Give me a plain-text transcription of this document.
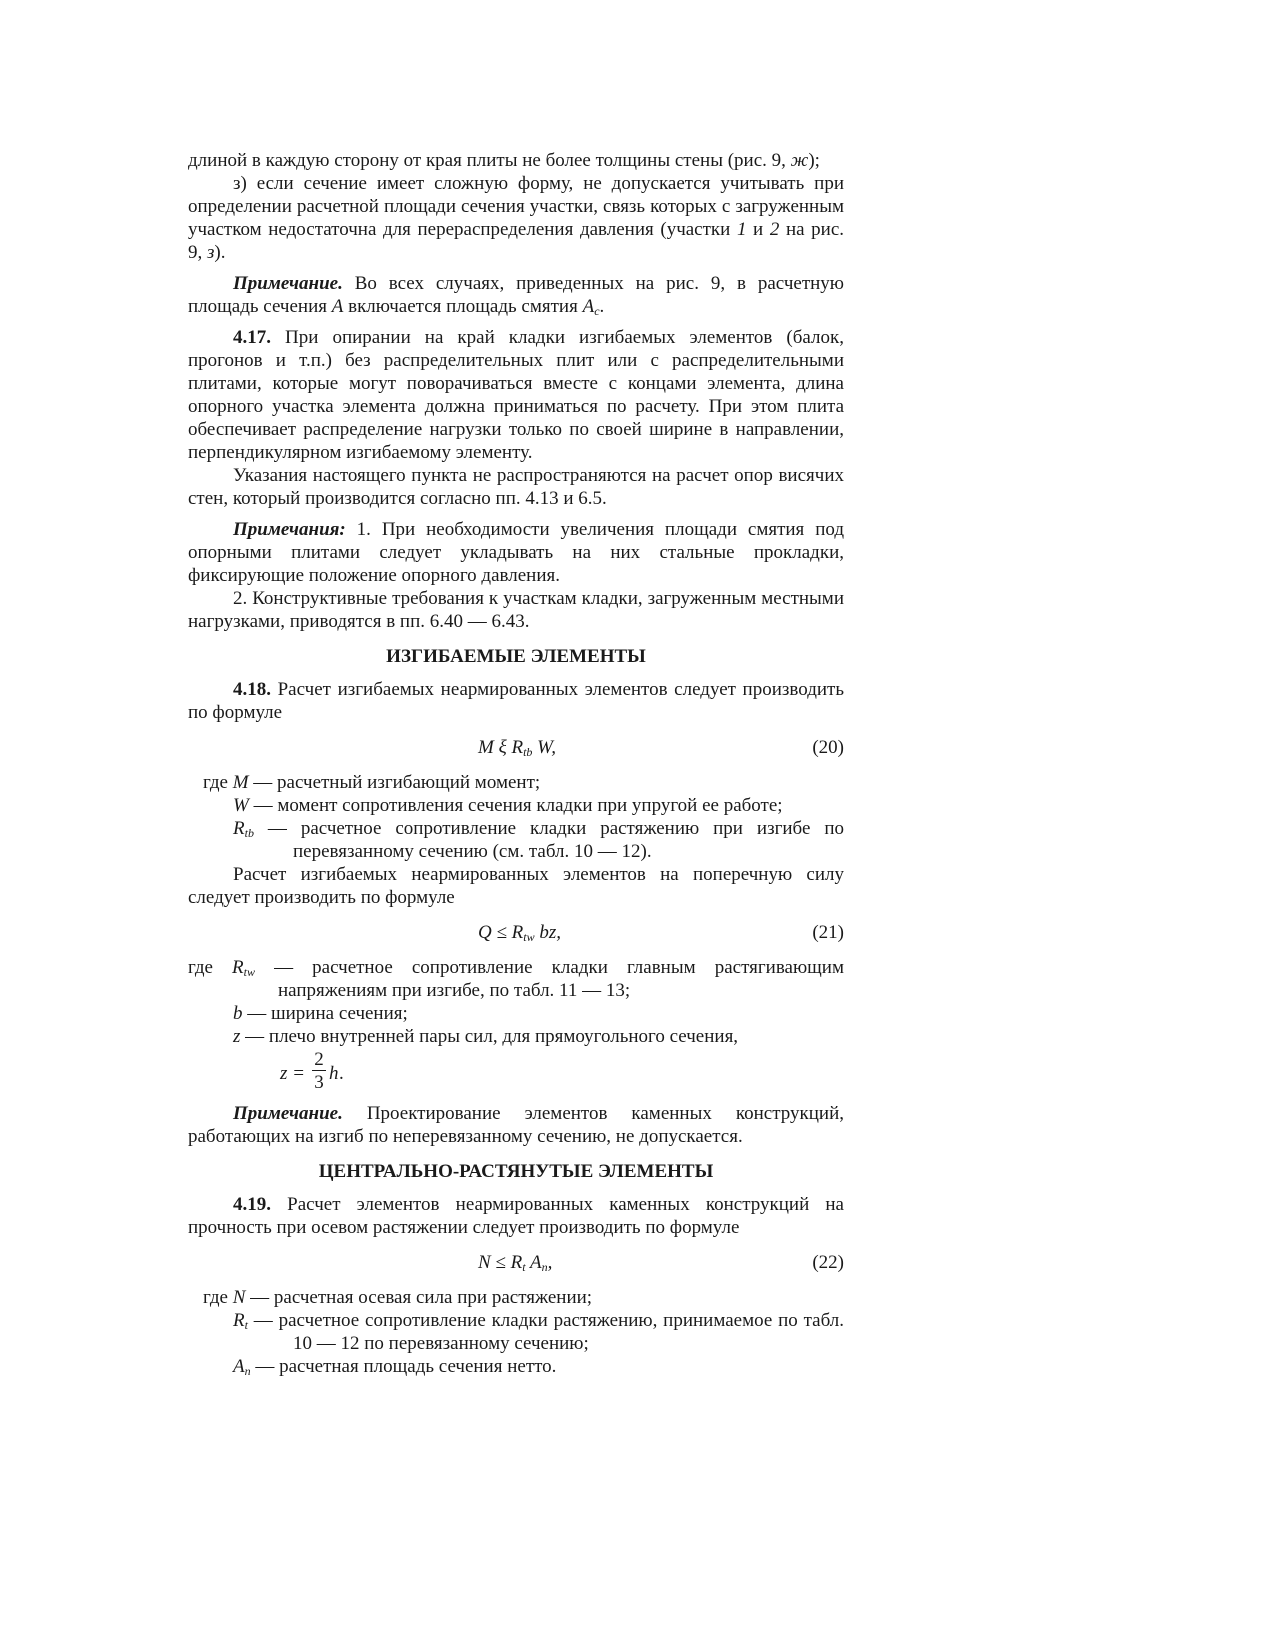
длиной в каждую сторону от края плиты не более толщины стены (рис. 9, ж);

з) если сечение имеет сложную форму, не допускается учитывать при определении расчетной площади сечения участки, связь которых с загруженным участком недостаточна для перераспределения давления (участки 1 и 2 на рис. 9, з).

Примечание. Во всех случаях, приведенных на рис. 9, в расчетную площадь сечения A включается площадь смятия $A_c$.

4.17. При опирании на край кладки изгибаемых элементов (балок, прогонов и т.п.) без распределительных плит или с распределительными плитами, которые могут поворачиваться вместе с концами элемента, длина опорного участка элемента должна приниматься по расчету. При этом плита обеспечивает распределение нагрузки только по своей ширине в направлении, перпендикулярном изгибаемому элементу.

Указания настоящего пункта не распространяются на расчет опор висячих стен, который производится согласно пп. 4.13 и 6.5.

Примечания: 1. При необходимости увеличения площади смятия под опорными плитами следует укладывать на них стальные прокладки, фиксирующие положение опорного давления.

2. Конструктивные требования к участкам кладки, загруженным местными нагрузками, приводятся в пп. 6.40 — 6.43.

ИЗГИБАЕМЫЕ ЭЛЕМЕНТЫ

4.18. Расчет изгибаемых неармированных элементов следует производить по формуле

M ξ $R_{tb}$ W,	(20)

где M — расчетный изгибающий момент;

W — момент сопротивления сечения кладки при упругой ее работе;

$R_{tb}$ — расчетное сопротивление кладки растяжению при изгибе по перевязанному сечению (см. табл. 10 — 12).

Расчет изгибаемых неармированных элементов на поперечную силу следует производить по формуле

$Q \le R_{tw}$ bz,	(21)

где $R_{tw}$ — расчетное сопротивление кладки главным растягивающим напряжениям при изгибе, по табл. 11 — 13;

b — ширина сечения;

z — плечо внутренней пары сил, для прямоугольного сечения,

z =
2
3 h .

Примечание. Проектирование элементов каменных конструкций, работающих на изгиб по неперевязанному сечению, не допускается.

ЦЕНТРАЛЬНО-РАСТЯНУТЫЕ ЭЛЕМЕНТЫ

4.19. Расчет элементов неармированных каменных конструкций на прочность при осевом растяжении следует производить по формуле

$N \le R_t$ $A_n$,	(22)

где N — расчетная осевая сила при растяжении;

$R_t$ — расчетное сопротивление кладки растяжению, принимаемое по табл. 10 — 12 по перевязанному сечению;

$A_n$ — расчетная площадь сечения нетто.
